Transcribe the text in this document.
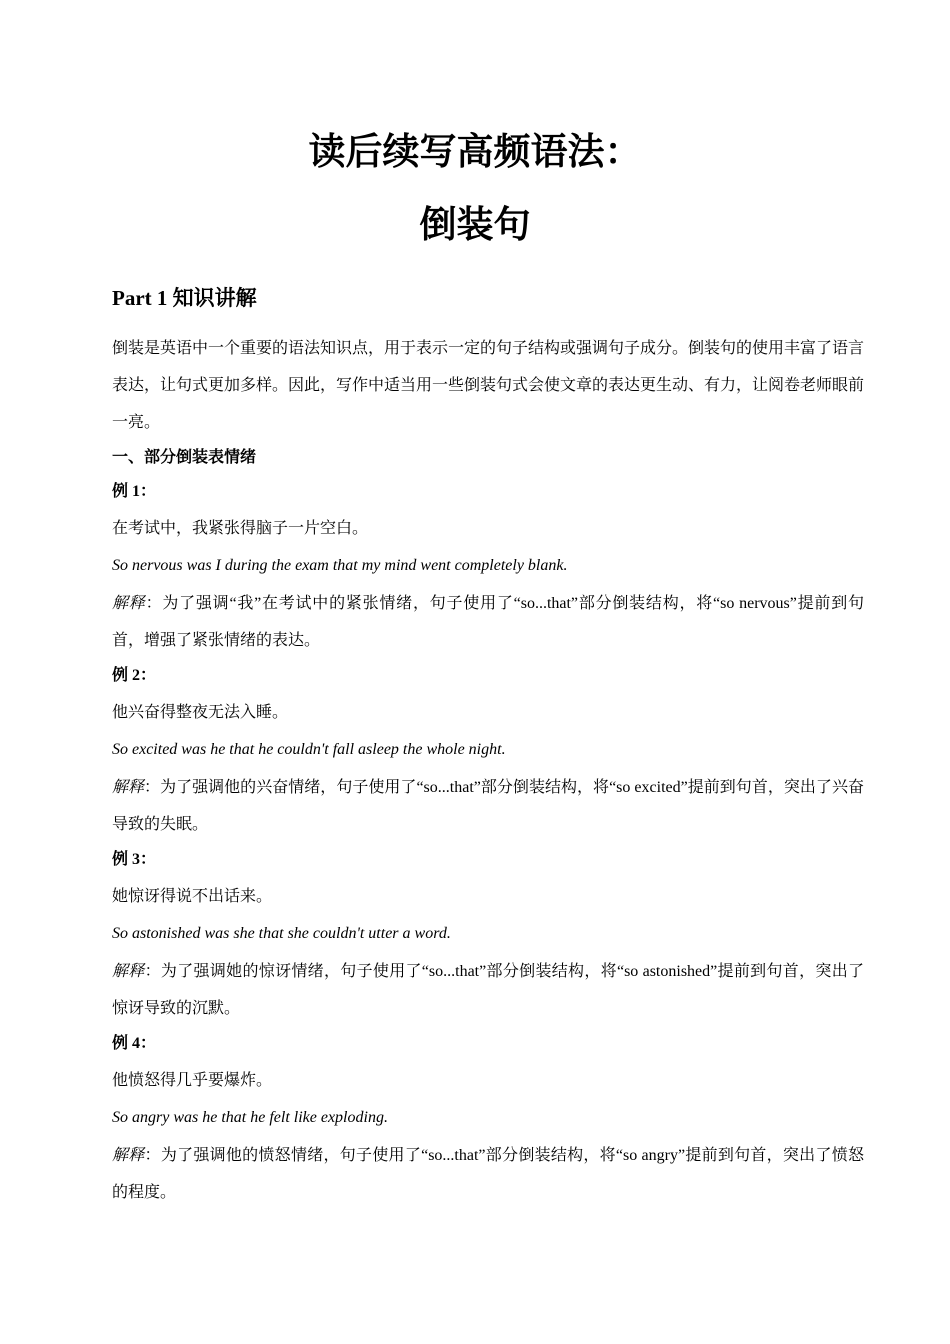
读后续写高频语法：
倒装句
Part 1 知识讲解

倒装是英语中一个重要的语法知识点，用于表示一定的句子结构或强调句子成分。倒装句的使用丰富了语言表达，让句式更加多样。因此，写作中适当用一些倒装句式会使文章的表达更生动、有力，让阅卷老师眼前一亮。

一、部分倒装表情绪
例 1：
在考试中，我紧张得脑子一片空白。
So nervous was I during the exam that my mind went completely blank.

解释：为了强调“我”在考试中的紧张情绪，句子使用了“so...that”部分倒装结构，将“so nervous”提前到句首，增强了紧张情绪的表达。

例 2：
他兴奋得整夜无法入睡。
So excited was he that he couldn't fall asleep the whole night.

解释：为了强调他的兴奋情绪，句子使用了“so...that”部分倒装结构，将“so excited”提前到句首，突出了兴奋导致的失眠。

例 3：
她惊讶得说不出话来。
So astonished was she that she couldn't utter a word.

解释：为了强调她的惊讶情绪，句子使用了“so...that”部分倒装结构，将“so astonished”提前到句首，突出了惊讶导致的沉默。

例 4：
他愤怒得几乎要爆炸。
So angry was he that he felt like exploding.

解释：为了强调他的愤怒情绪，句子使用了“so...that”部分倒装结构，将“so angry”提前到句首，突出了愤怒的程度。
